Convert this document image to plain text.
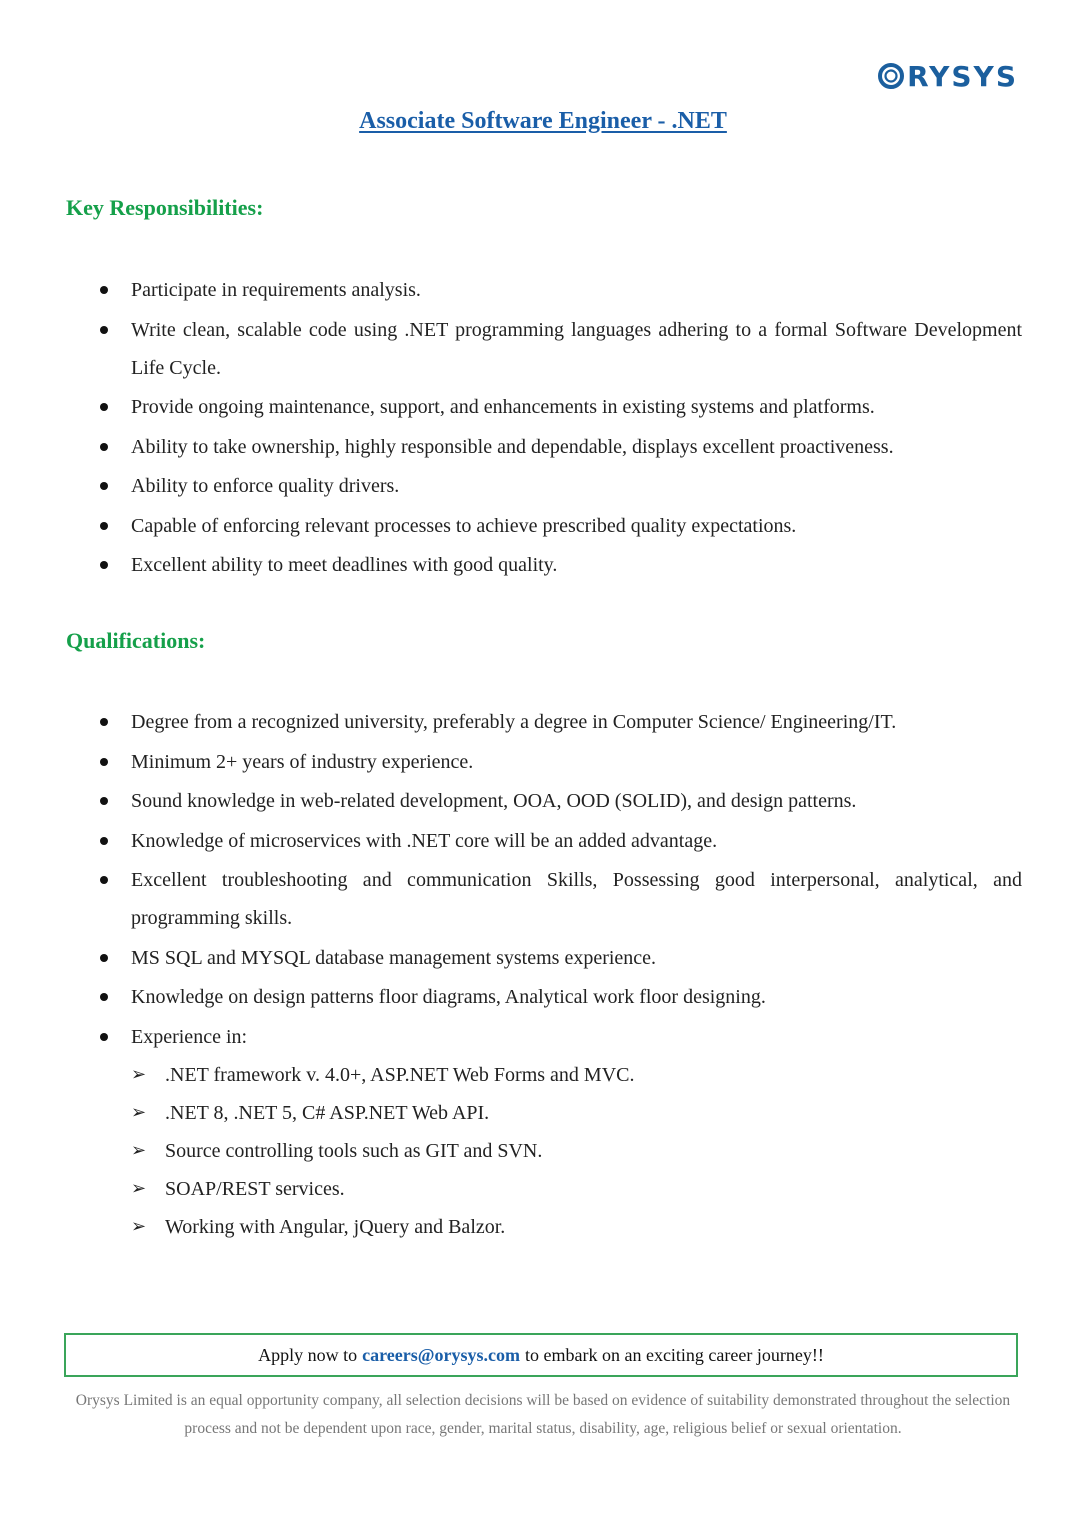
RYSYS
Associate Software Engineer - .NET
Key Responsibilities:
Participate in requirements analysis.
Write clean, scalable code using .NET programming languages adhering to a formal Software Development Life Cycle.
Provide ongoing maintenance, support, and enhancements in existing systems and platforms.
Ability to take ownership, highly responsible and dependable, displays excellent proactiveness.
Ability to enforce quality drivers.
Capable of enforcing relevant processes to achieve prescribed quality expectations.
Excellent ability to meet deadlines with good quality.
Qualifications:
Degree from a recognized university, preferably a degree in Computer Science/ Engineering/IT.
Minimum 2+ years of industry experience.
Sound knowledge in web-related development, OOA, OOD (SOLID), and design patterns.
Knowledge of microservices with .NET core will be an added advantage.
Excellent troubleshooting and communication Skills, Possessing good interpersonal, analytical, and programming skills.
MS SQL and MYSQL database management systems experience.
Knowledge on design patterns floor diagrams, Analytical work floor designing.
Experience in:
➢ .NET framework v. 4.0+, ASP.NET Web Forms and MVC.
➢ .NET 8, .NET 5, C# ASP.NET Web API.
➢ Source controlling tools such as GIT and SVN.
➢ SOAP/REST services.
➢ Working with Angular, jQuery and Balzor.
Apply now to careers@orysys.com to embark on an exciting career journey!!
Orysys Limited is an equal opportunity company, all selection decisions will be based on evidence of suitability demonstrated throughout the selection process and not be dependent upon race, gender, marital status, disability, age, religious belief or sexual orientation.
